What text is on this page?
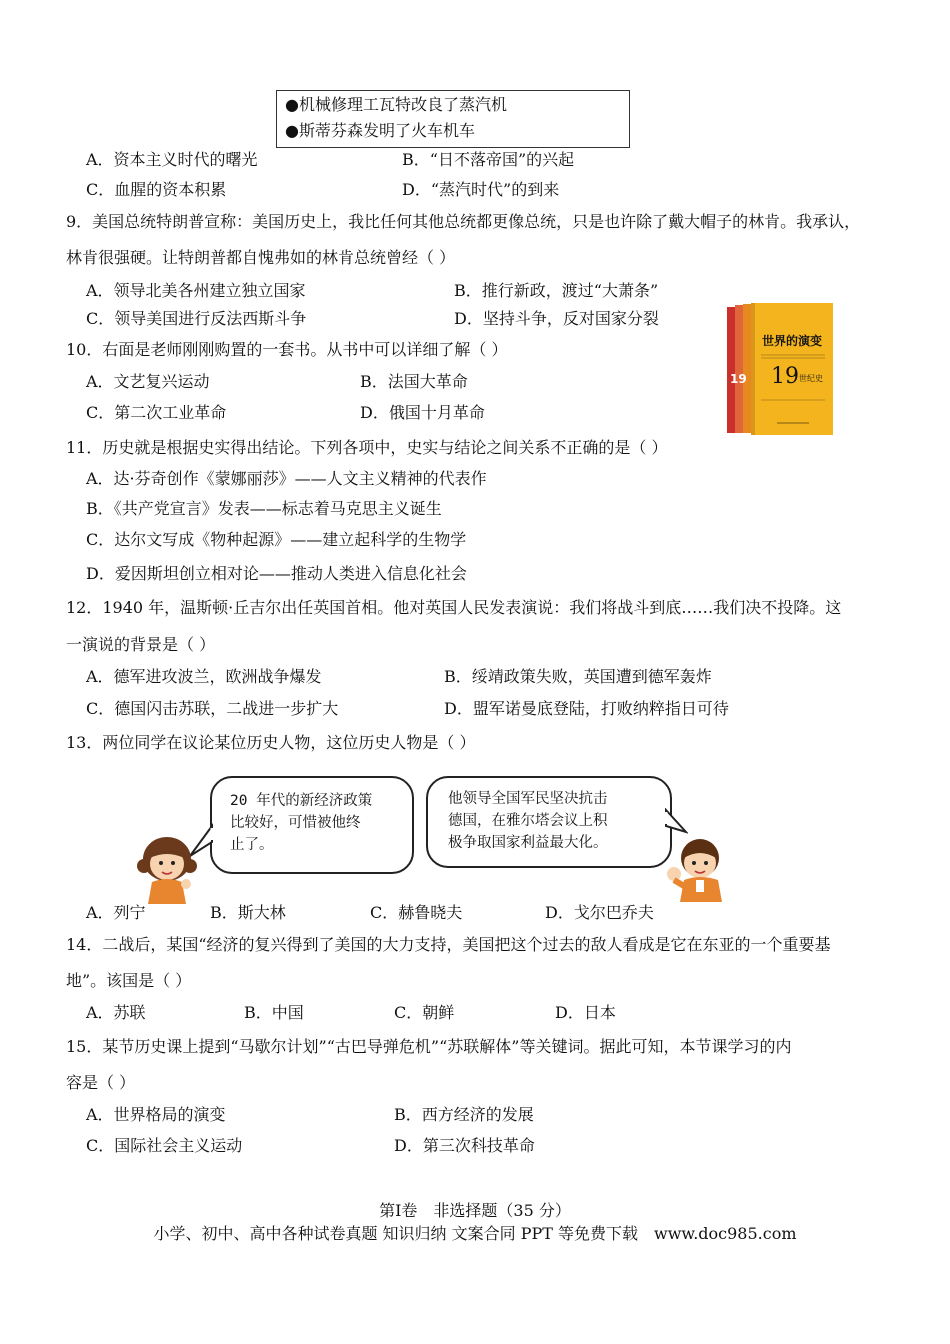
●机械修理工瓦特改良了蒸汽机
●斯蒂芬森发明了火车机车
A．资本主义时代的曙光	B．“日不落帝国”的兴起
C．血腥的资本积累	D．“蒸汽时代”的到来
9．美国总统特朗普宣称：美国历史上，我比任何其他总统都更像总统，只是也许除了戴大帽子的林肯。我承认，
林肯很强硬。让特朗普都自愧弗如的林肯总统曾经（ ）
A．领导北美各州建立独立国家	B．推行新政，渡过“大萧条”
C．领导美国进行反法西斯斗争	D．坚持斗争，反对国家分裂
10．右面是老师刚刚购置的一套书。从书中可以详细了解（ ）
A．文艺复兴运动	B．法国大革命
C．第二次工业革命	D．俄国十月革命
19
世界的演变
19 世纪史
11．历史就是根据史实得出结论。下列各项中，史实与结论之间关系不正确的是（ ）
A．达·芬奇创作《蒙娜丽莎》——人文主义精神的代表作
B．《共产党宣言》发表——标志着马克思主义诞生
C．达尔文写成《物种起源》——建立起科学的生物学
D．爱因斯坦创立相对论——推动人类进入信息化社会
12．1940 年，温斯顿·丘吉尔出任英国首相。他对英国人民发表演说：我们将战斗到底……我们决不投降。这
一演说的背景是（ ）
A．德军进攻波兰，欧洲战争爆发	B．绥靖政策失败，英国遭到德军轰炸
C．德国闪击苏联，二战进一步扩大	D．盟军诺曼底登陆，打败纳粹指日可待
13．两位同学在议论某位历史人物，这位历史人物是（ ）
20 年代的新经济政策
比较好，可惜被他终
止了。
他领导全国军民坚决抗击
德国，在雅尔塔会议上积
极争取国家利益最大化。
A．列宁	B．斯大林	C．赫鲁晓夫	D．戈尔巴乔夫
14．二战后，某国“经济的复兴得到了美国的大力支持，美国把这个过去的敌人看成是它在东亚的一个重要基
地”。该国是（ ）
A．苏联	B．中国	C．朝鲜	D．日本
15．某节历史课上提到“马歇尔计划”“古巴导弹危机”“苏联解体”等关键词。据此可知，本节课学习的内
容是（ ）
A．世界格局的演变	B．西方经济的发展
C．国际社会主义运动	D．第三次科技革命
第Ⅰ卷　非选择题（35 分）
小学、初中、高中各种试卷真题 知识归纳 文案合同 PPT 等免费下载　www.doc985.com
